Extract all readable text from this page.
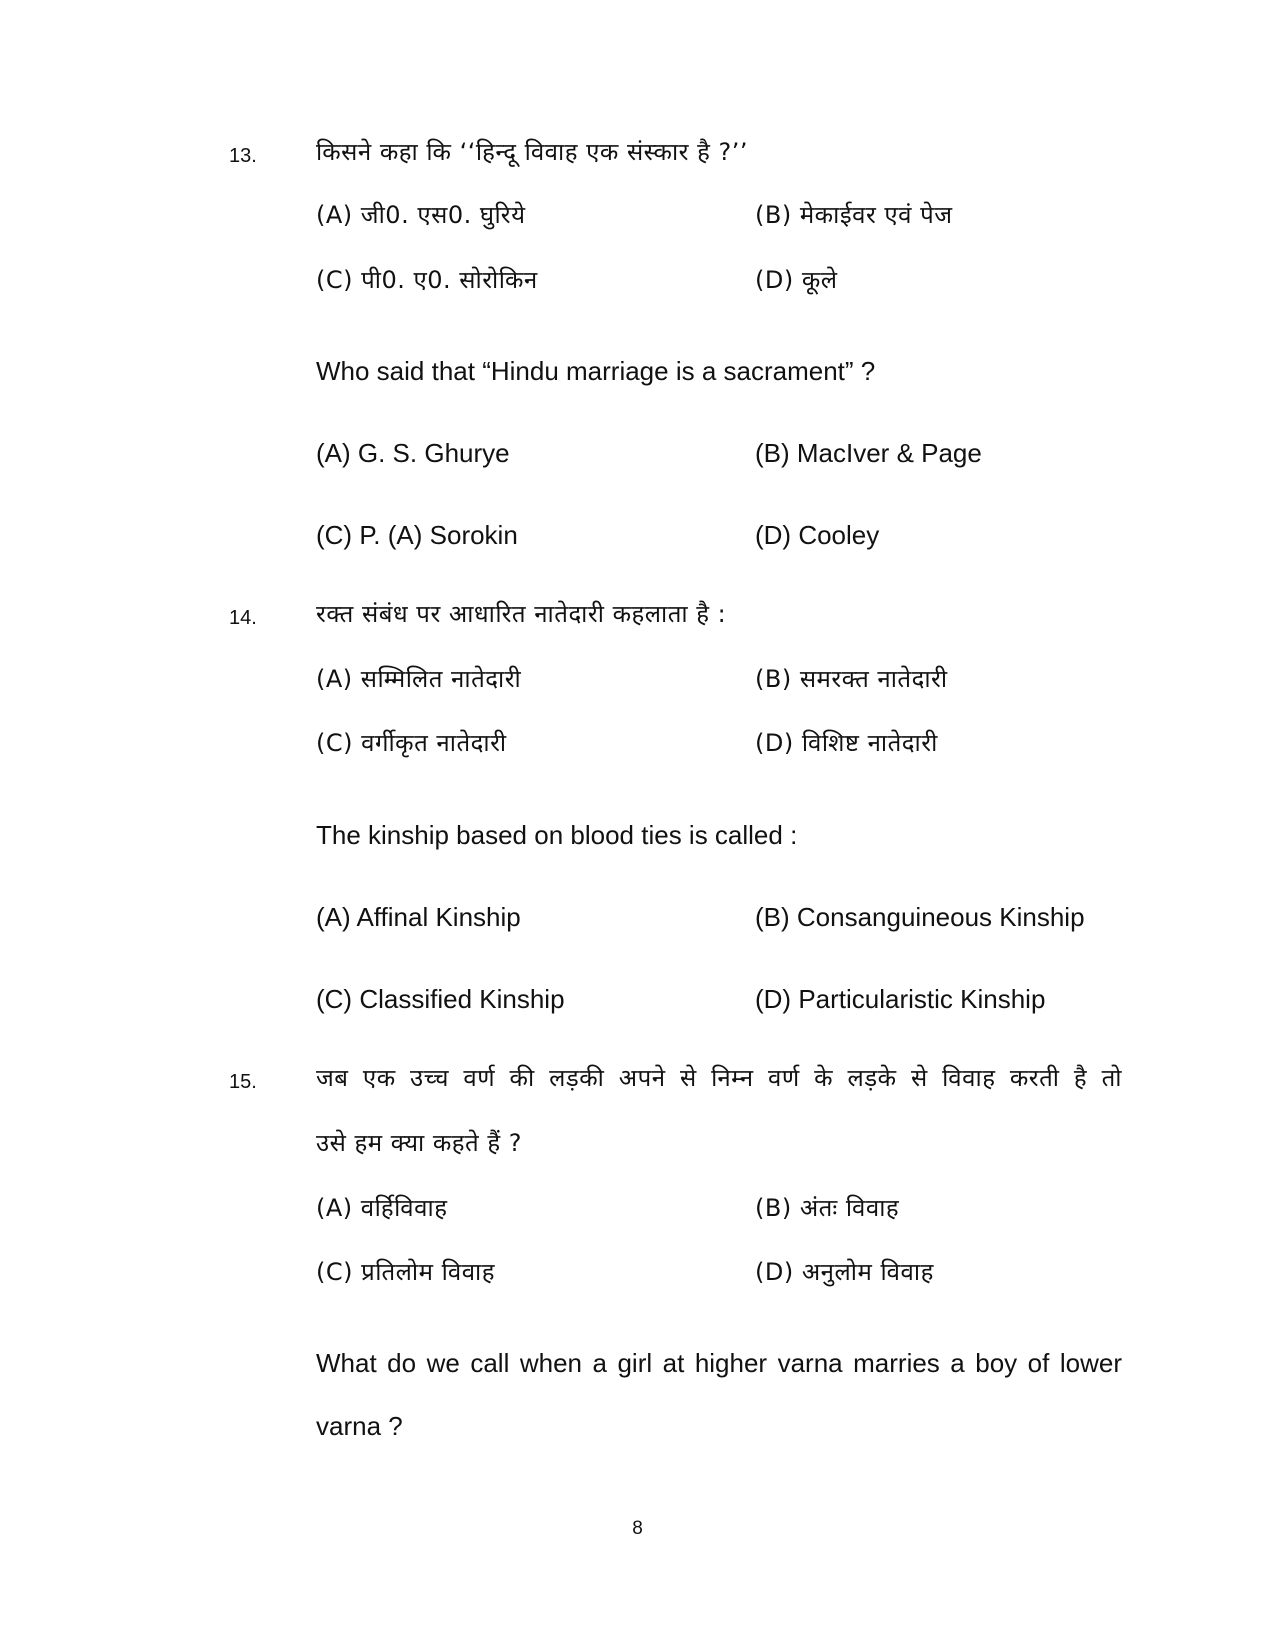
13. किसने कहा कि ‘‘हिन्दू विवाह एक संस्कार है ?’’
(A) जी0. एस0. घुरिये	(B) मेकाईवर एवं पेज
(C) पी0. ए0. सोरोकिन	(D) कूले
Who said that “Hindu marriage is a sacrament” ?
(A) G. S. Ghurye	(B) MacIver & Page
(C) P. (A) Sorokin	(D) Cooley
14. रक्त संबंध पर आधारित नातेदारी कहलाता है :
(A) सम्मिलित नातेदारी	(B) समरक्त नातेदारी
(C) वर्गीकृत नातेदारी	(D) विशिष्ट नातेदारी
The kinship based on blood ties is called :
(A) Affinal Kinship	(B) Consanguineous Kinship
(C) Classified Kinship	(D) Particularistic Kinship
15. जब एक उच्च वर्ण की लड़की अपने से निम्न वर्ण के लड़के से विवाह करती है तो
उसे हम क्या कहते हैं ?
(A) वर्हिविवाह	(B) अंतः विवाह
(C) प्रतिलोम विवाह	(D) अनुलोम विवाह
What do we call when a girl at higher varna marries a boy of lower
varna ?
8
